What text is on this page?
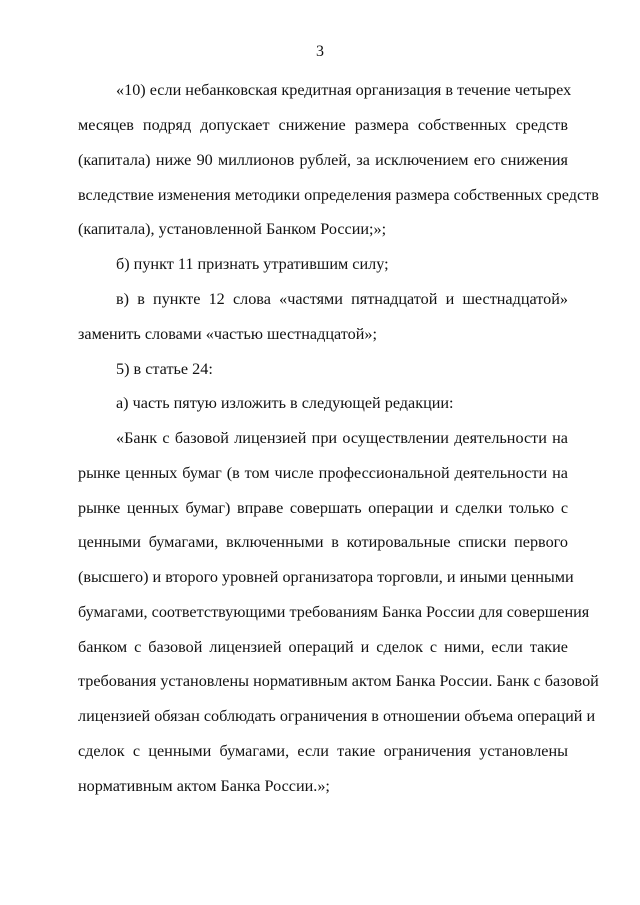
3
«10) если небанковская кредитная организация в течение четырех
месяцев подряд допускает снижение размера собственных средств
(капитала) ниже 90 миллионов рублей, за исключением его снижения
вследствие изменения методики определения размера собственных средств
(капитала), установленной Банком России;»;
б) пункт 11 признать утратившим силу;
в) в пункте 12 слова «частями пятнадцатой и шестнадцатой»
заменить словами «частью шестнадцатой»;
5) в статье 24:
а) часть пятую изложить в следующей редакции:
«Банк с базовой лицензией при осуществлении деятельности на
рынке ценных бумаг (в том числе профессиональной деятельности на
рынке ценных бумаг) вправе совершать операции и сделки только с
ценными бумагами, включенными в котировальные списки первого
(высшего) и второго уровней организатора торговли, и иными ценными
бумагами, соответствующими требованиям Банка России для совершения
банком с базовой лицензией операций и сделок с ними, если такие
требования установлены нормативным актом Банка России. Банк с базовой
лицензией обязан соблюдать ограничения в отношении объема операций и
сделок с ценными бумагами, если такие ограничения установлены
нормативным актом Банка России.»;
